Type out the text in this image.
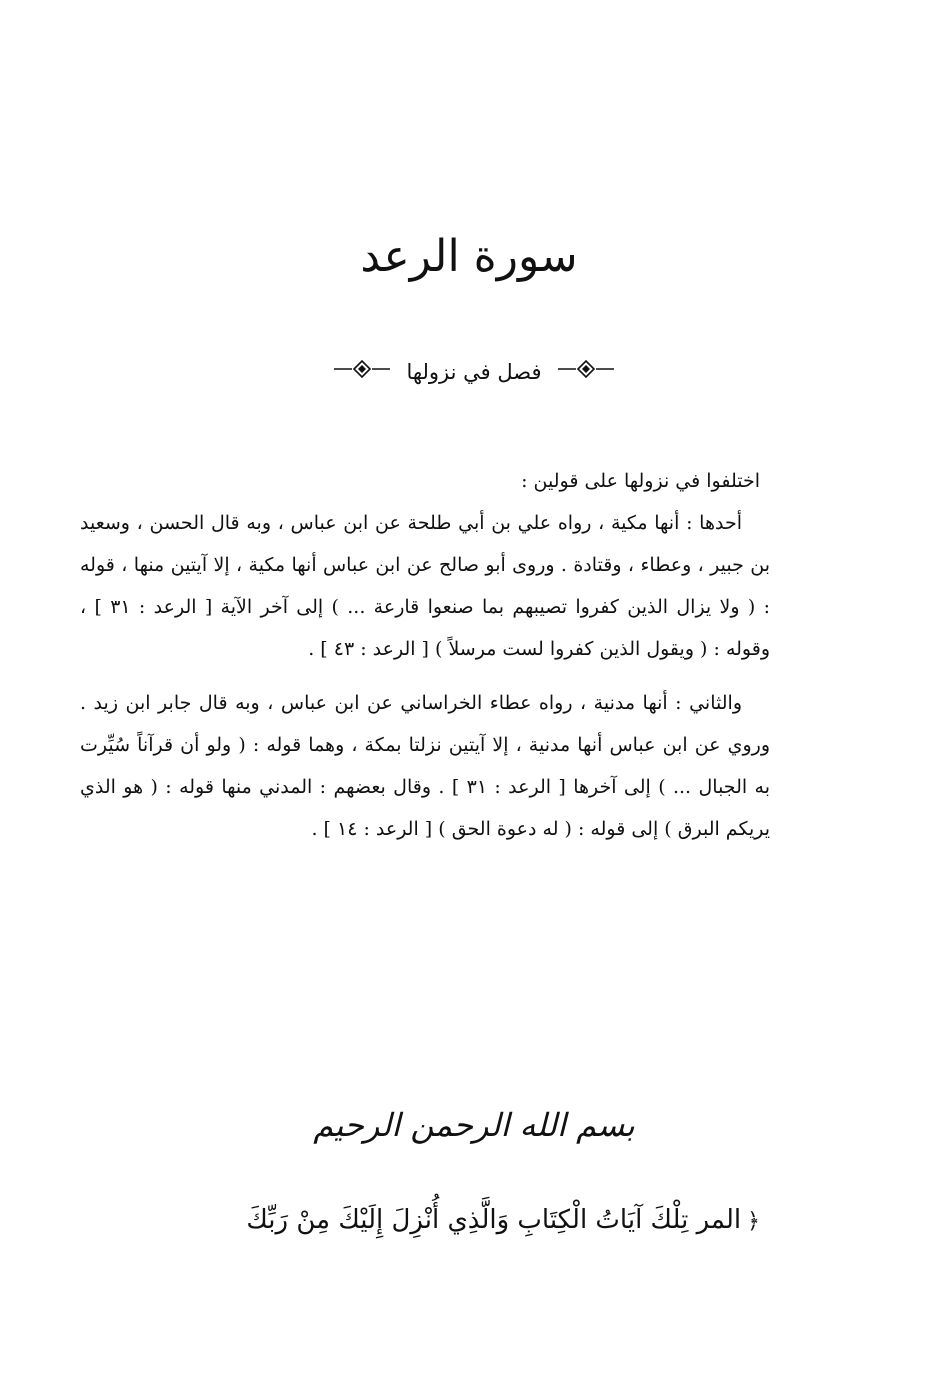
سورة الرعد
فصل في نزولها

اختلفوا في نزولها على قولين :

أحدها : أنها مكية ، رواه علي بن أبي طلحة عن ابن عباس ، وبه قال الحسن ، وسعيد بن جبير ، وعطاء ، وقتادة . وروى أبو صالح عن ابن عباس أنها مكية ، إلا آيتين منها ، قوله : ( ولا يزال الذين كفروا تصيبهم بما صنعوا قارعة ... ) إلى آخر الآية [ الرعد : ٣١ ] ، وقوله : ( ويقول الذين كفروا لست مرسلاً ) [ الرعد : ٤٣ ] .

والثاني : أنها مدنية ، رواه عطاء الخراساني عن ابن عباس ، وبه قال جابر ابن زيد . وروي عن ابن عباس أنها مدنية ، إلا آيتين نزلتا بمكة ، وهما قوله : ( ولو أن قرآناً سُيِّرت به الجبال ... ) إلى آخرها [ الرعد : ٣١ ] . وقال بعضهم : المدني منها قوله : ( هو الذي يريكم البرق ) إلى قوله : ( له دعوة الحق ) [ الرعد : ١٤ ] .

بسم الله الرحمن الرحيم
﴿المر تِلْكَ آيَاتُ الْكِتَابِ وَالَّذِي أُنْزِلَ إِلَيْكَ مِنْ رَبِّكَ
